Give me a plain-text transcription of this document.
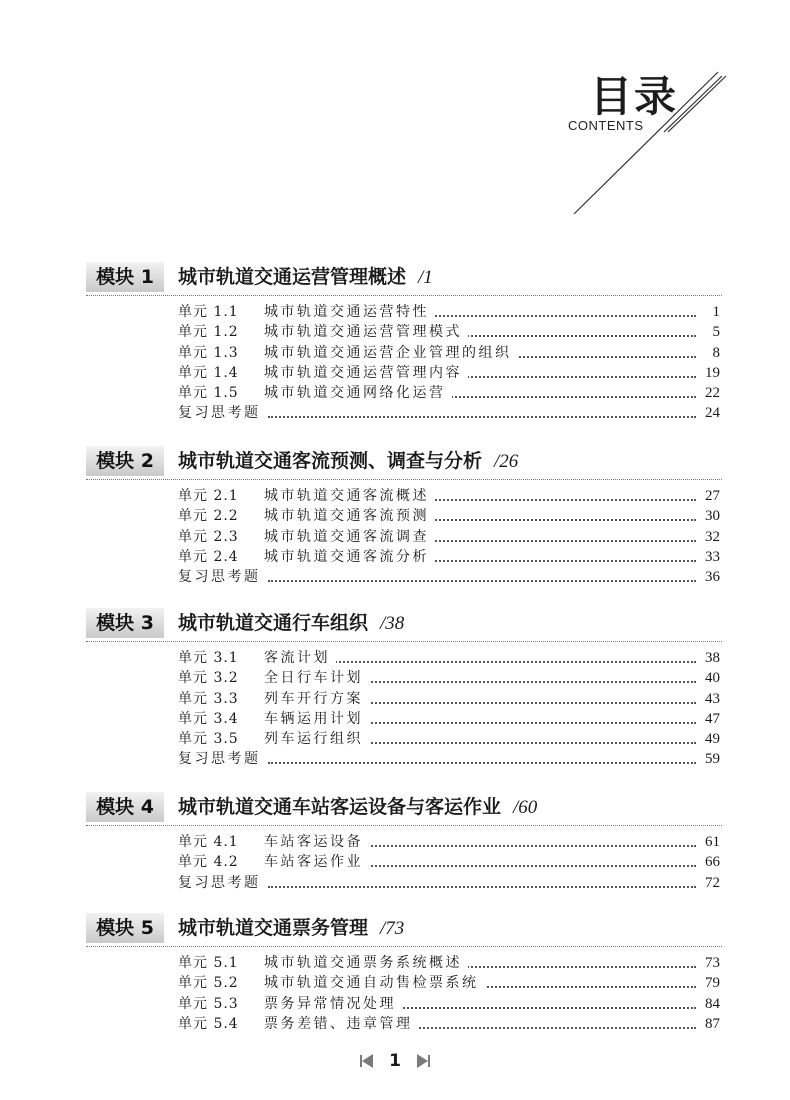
目录
CONTENTS
模块 1	城市轨道交通运营管理概述 /1
单元 1.1 城市轨道交通运营特性	1
单元 1.2 城市轨道交通运营管理模式	5
单元 1.3 城市轨道交通运营企业管理的组织	8
单元 1.4 城市轨道交通运营管理内容	19
单元 1.5 城市轨道交通网络化运营	22
复习思考题	24
模块 2	城市轨道交通客流预测、调查与分析 /26
单元 2.1 城市轨道交通客流概述	27
单元 2.2 城市轨道交通客流预测	30
单元 2.3 城市轨道交通客流调查	32
单元 2.4 城市轨道交通客流分析	33
复习思考题	36
模块 3	城市轨道交通行车组织 /38
单元 3.1 客流计划	38
单元 3.2 全日行车计划	40
单元 3.3 列车开行方案	43
单元 3.4 车辆运用计划	47
单元 3.5 列车运行组织	49
复习思考题	59
模块 4	城市轨道交通车站客运设备与客运作业 /60
单元 4.1 车站客运设备	61
单元 4.2 车站客运作业	66
复习思考题	72
模块 5	城市轨道交通票务管理 /73
单元 5.1 城市轨道交通票务系统概述	73
单元 5.2 城市轨道交通自动售检票系统	79
单元 5.3 票务异常情况处理	84
单元 5.4 票务差错、违章管理	87
1
